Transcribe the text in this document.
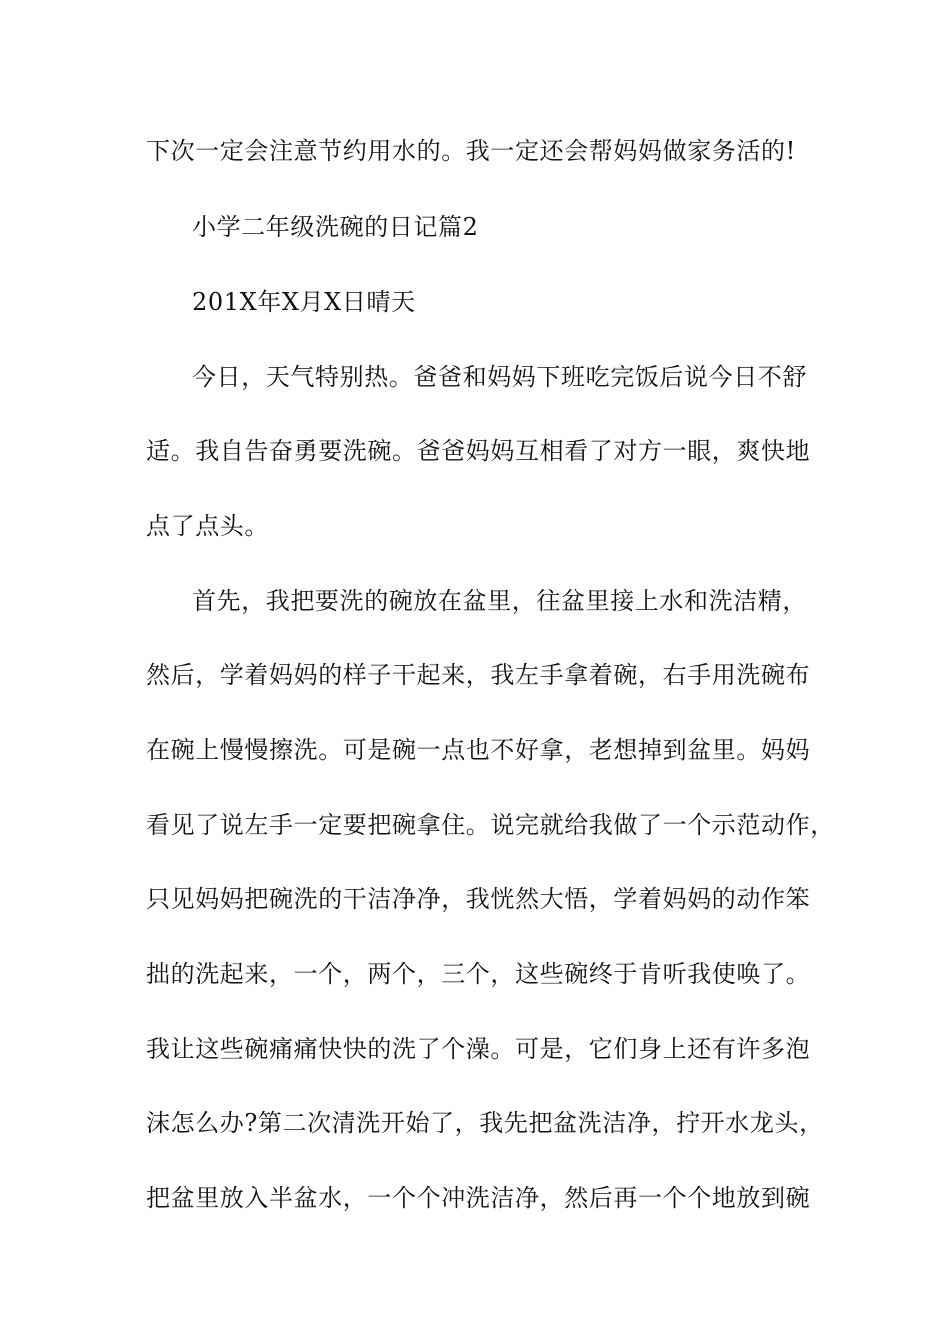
下次一定会注意节约用水的。我一定还会帮妈妈做家务活的!
小学二年级洗碗的日记篇2
201X年X月X日晴天
今日，天气特别热。爸爸和妈妈下班吃完饭后说今日不舒
适。我自告奋勇要洗碗。爸爸妈妈互相看了对方一眼，爽快地
点了点头。
首先，我把要洗的碗放在盆里，往盆里接上水和洗洁精，
然后，学着妈妈的样子干起来，我左手拿着碗，右手用洗碗布
在碗上慢慢擦洗。可是碗一点也不好拿，老想掉到盆里。妈妈
看见了说左手一定要把碗拿住。说完就给我做了一个示范动作，
只见妈妈把碗洗的干洁净净，我恍然大悟，学着妈妈的动作笨
拙的洗起来，一个，两个，三个，这些碗终于肯听我使唤了。
我让这些碗痛痛快快的洗了个澡。可是，它们身上还有许多泡
沫怎么办?第二次清洗开始了，我先把盆洗洁净，拧开水龙头，
把盆里放入半盆水，一个个冲洗洁净，然后再一个个地放到碗
